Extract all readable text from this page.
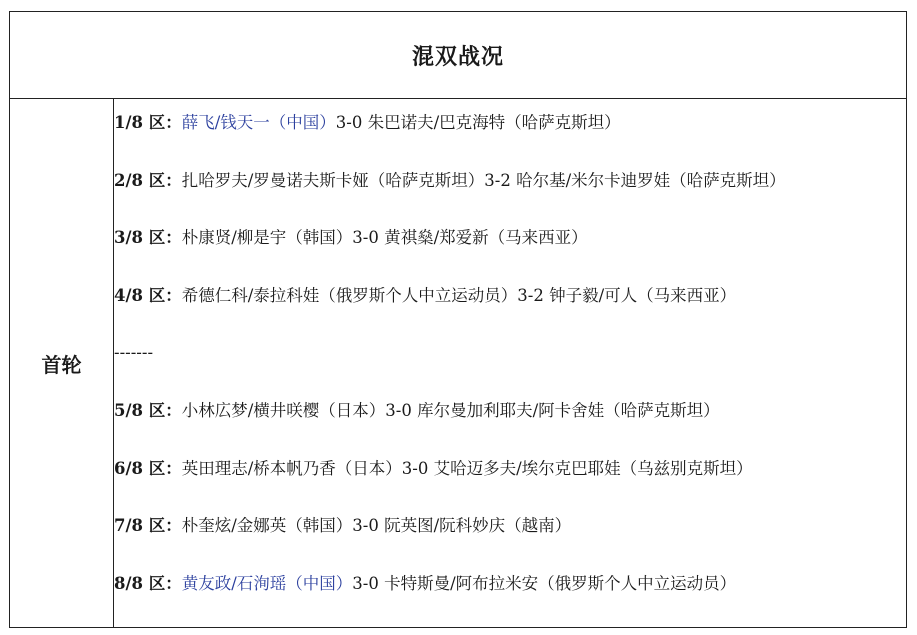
混双战况
首轮
1/8 区：薛飞/钱天一（中国）3-0 朱巴诺夫/巴克海特（哈萨克斯坦）
2/8 区：扎哈罗夫/罗曼诺夫斯卡娅（哈萨克斯坦）3-2 哈尔基/米尔卡迪罗娃（哈萨克斯坦）
3/8 区：朴康贤/柳是宇（韩国）3-0 黄祺燊/郑爱新（马来西亚）
4/8 区：希德仁科/泰拉科娃（俄罗斯个人中立运动员）3-2 钟子毅/可人（马来西亚）
-------
5/8 区：小林広梦/横井咲樱（日本）3-0 库尔曼加利耶夫/阿卡舍娃（哈萨克斯坦）
6/8 区：英田理志/桥本帆乃香（日本）3-0 艾哈迈多夫/埃尔克巴耶娃（乌兹别克斯坦）
7/8 区：朴奎炫/金娜英（韩国）3-0 阮英图/阮科妙庆（越南）
8/8 区：黄友政/石洵瑶（中国）3-0 卡特斯曼/阿布拉米安（俄罗斯个人中立运动员）
